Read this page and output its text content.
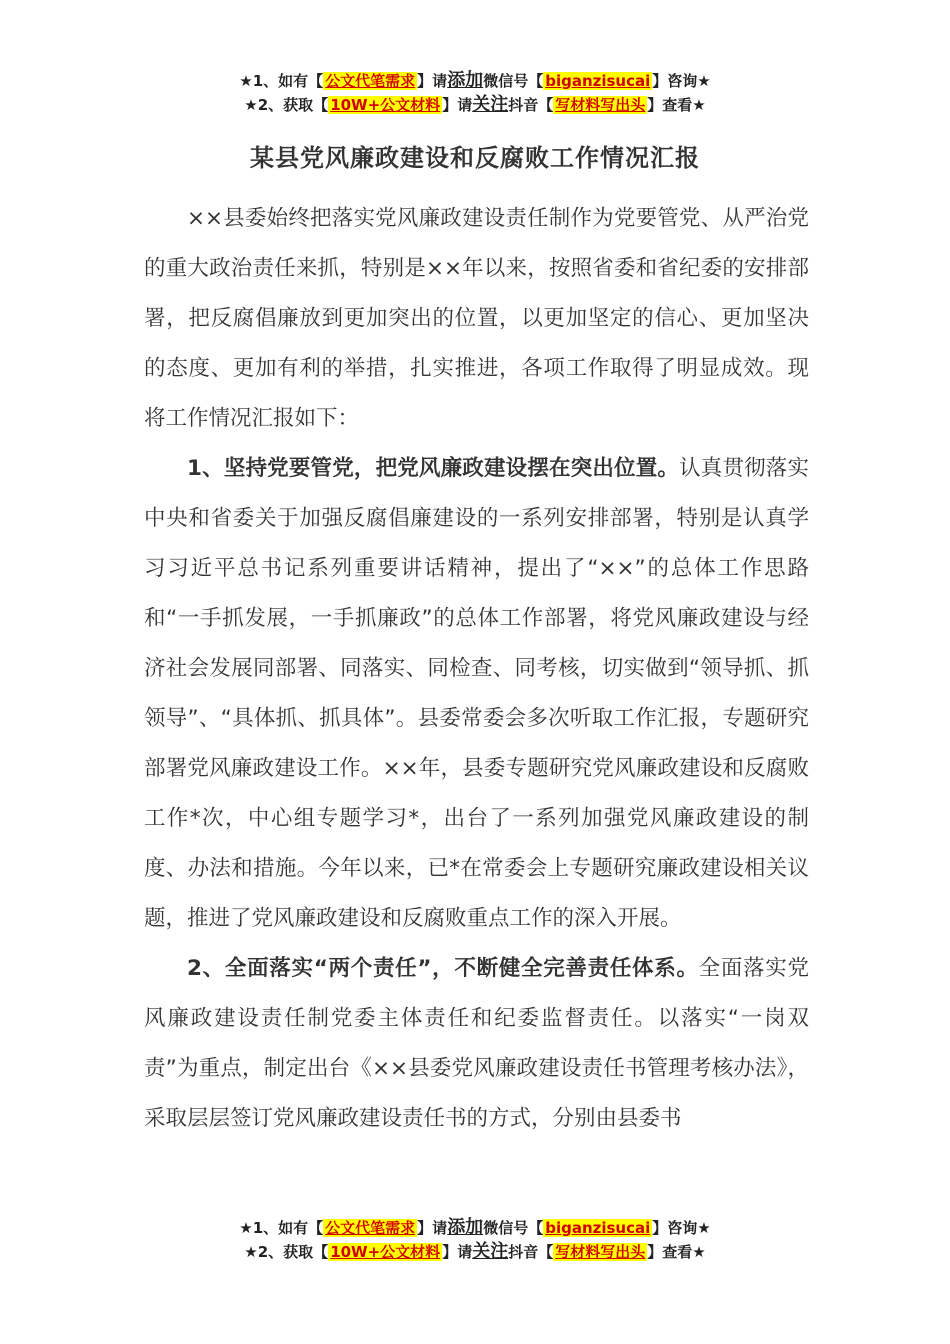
★1、如有【 公文代笔需求 】请添加微信号【 biganzisucai 】咨询★
★2、获取【 10W+公文材料 】请关注抖音【 写材料写出头 】查看★
某县党风廉政建设和反腐败工作情况汇报

××县委始终把落实党风廉政建设责任制作为党要管党、从严治党的重大政治责任来抓，特别是××年以来，按照省委和省纪委的安排部署，把反腐倡廉放到更加突出的位置，以更加坚定的信心、更加坚决的态度、更加有利的举措，扎实推进，各项工作取得了明显成效。现将工作情况汇报如下：

1、坚持党要管党，把党风廉政建设摆在突出位置。认真贯彻落实中央和省委关于加强反腐倡廉建设的一系列安排部署，特别是认真学习习近平总书记系列重要讲话精神，提出了“××”的总体工作思路和“一手抓发展，一手抓廉政”的总体工作部署，将党风廉政建设与经济社会发展同部署、同落实、同检查、同考核，切实做到“领导抓、抓领导”、“具体抓、抓具体”。县委常委会多次听取工作汇报，专题研究部署党风廉政建设工作。××年，县委专题研究党风廉政建设和反腐败工作*次，中心组专题学习*，出台了一系列加强党风廉政建设的制度、办法和措施。今年以来，已*在常委会上专题研究廉政建设相关议题，推进了党风廉政建设和反腐败重点工作的深入开展。

2、全面落实“两个责任”，不断健全完善责任体系。全面落实党风廉政建设责任制党委主体责任和纪委监督责任。以落实“一岗双责”为重点，制定出台《××县委党风廉政建设责任书管理考核办法》，采取层层签订党风廉政建设责任书的方式，分别由县委书

★1、如有【 公文代笔需求 】请添加微信号【 biganzisucai 】咨询★
★2、获取【 10W+公文材料 】请关注抖音【 写材料写出头 】查看★
